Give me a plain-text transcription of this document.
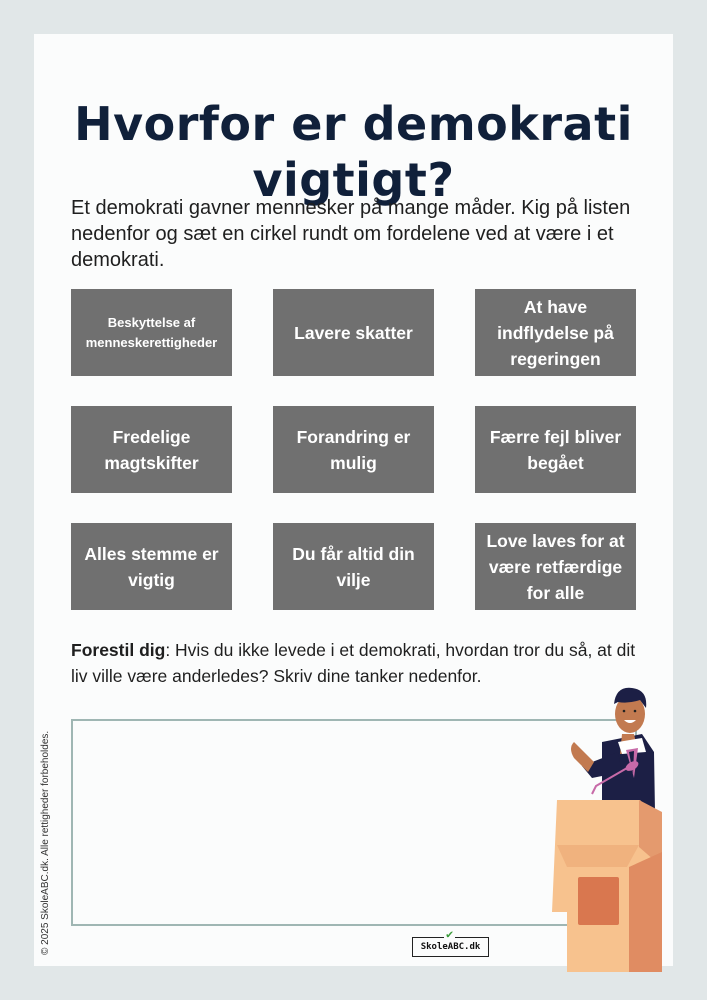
Hvorfor er demokrati
vigtigt?
Et demokrati gavner mennesker på mange måder. Kig på listen nedenfor og sæt en cirkel rundt om fordelene ved at være i et demokrati.
Beskyttelse af menneskerettigheder	Lavere skatter
At have indflydelse på regeringen
Fredelige magtskifter
Forandring er mulig
Færre fejl bliver begået
Alles stemme er vigtig
Du får altid din vilje
Love laves for at være retfærdige for alle
Forestil dig: Hvis du ikke levede i et demokrati, hvordan tror du så, at dit liv ville være anderledes? Skriv dine tanker nedenfor.
✔
SkoleABC.dk
© 2025 SkoleABC.dk. Alle rettigheder forbeholdes.
